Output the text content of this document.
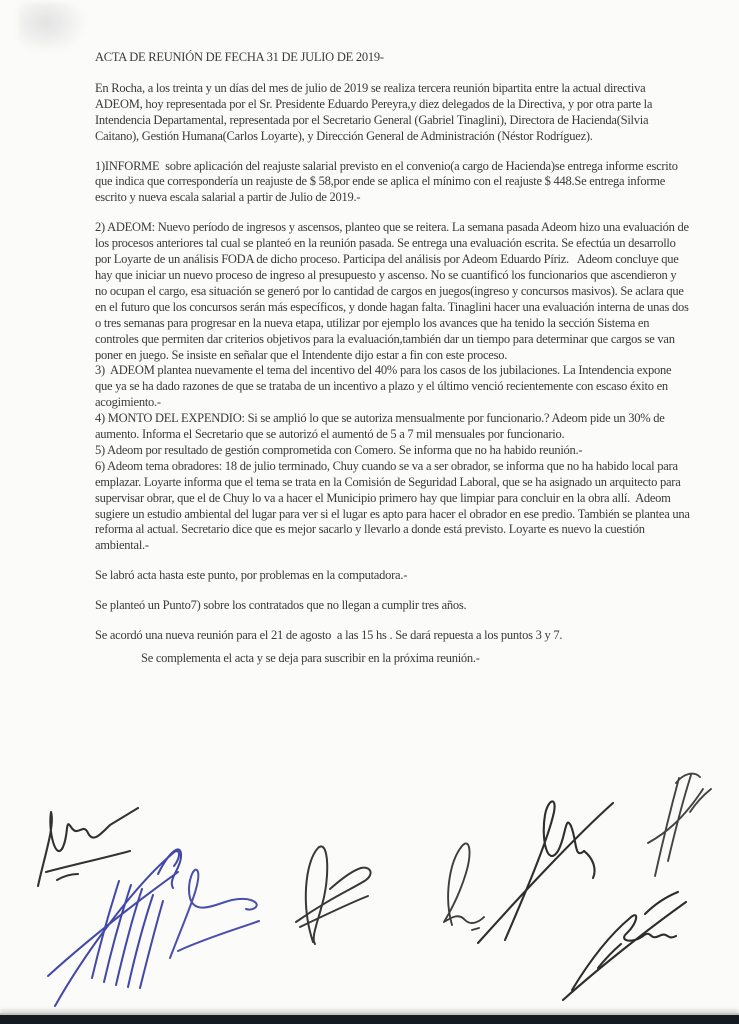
ACTA DE REUNIÓN DE FECHA 31 DE JULIO DE 2019-

En Rocha, a los treinta y un días del mes de julio de 2019 se realiza tercera reunión bipartita entre la actual directiva ADEOM, hoy representada por el Sr. Presidente Eduardo Pereyra,y diez delegados de la Directiva, y por otra parte la Intendencia Departamental, representada por el Secretario General (Gabriel Tinaglini), Directora de Hacienda(Silvia Caitano), Gestión Humana(Carlos Loyarte), y Dirección General de Administración (Néstor Rodríguez).

1)INFORME  sobre aplicación del reajuste salarial previsto en el convenio(a cargo de Hacienda)se entrega informe escrito  que indica que correspondería un reajuste de $ 58,por ende se aplica el mínimo con el reajuste $ 448.Se entrega informe escrito y nueva escala salarial a partir de Julio de 2019.-

2) ADEOM: Nuevo período de ingresos y ascensos, planteo que se reitera. La semana pasada Adeom hizo una evaluación de los procesos anteriores tal cual se planteó en la reunión pasada. Se entrega una evaluación escrita. Se efectúa un desarrollo por Loyarte de un análisis FODA de dicho proceso. Participa del análisis por Adeom Eduardo Píriz.   Adeom concluye que hay que iniciar un nuevo proceso de ingreso al presupuesto y ascenso. No se cuantificó los funcionarios que ascendieron y no ocupan el cargo, esa situación se generó por lo cantidad de cargos en juegos(ingreso y concursos masivos). Se aclara que en el futuro que los concursos serán más específicos, y donde hagan falta. Tinaglini hacer una evaluación interna de unas dos o tres semanas para progresar en la nueva etapa, utilizar por ejemplo los avances que ha tenido la sección Sistema en controles que permiten dar criterios objetivos para la evaluación,también dar un tiempo para determinar que cargos se van poner en juego. Se insiste en señalar que el Intendente dijo estar a fin con este proceso.

3)  ADEOM plantea nuevamente el tema del incentivo del 40% para los casos de los jubilaciones. La Intendencia expone que ya se ha dado razones de que se trataba de un incentivo a plazo y el último venció recientemente con escaso éxito en acogimiento.-

4) MONTO DEL EXPENDIO: Si se amplió lo que se autoriza mensualmente por funcionario.? Adeom pide un 30% de aumento. Informa el Secretario que se autorizó el aumentó de 5 a 7 mil mensuales por funcionario.

5) Adeom por resultado de gestión comprometida con Comero. Se informa que no ha habido reunión.-

6) Adeom tema obradores: 18 de julio terminado, Chuy cuando se va a ser obrador, se informa que no ha habido local para emplazar. Loyarte informa que el tema se trata en la Comisión de Seguridad Laboral, que se ha asignado un arquitecto para supervisar obrar, que el de Chuy lo va a hacer el Municipio primero hay que limpiar para concluir en la obra allí.  Adeom sugiere un estudio ambiental del lugar para ver si el lugar es apto para hacer el obrador en ese predio. También se plantea una reforma al actual. Secretario dice que es mejor sacarlo y llevarlo a donde está previsto. Loyarte es nuevo la cuestión ambiental.-

Se labró acta hasta este punto, por problemas en la computadora.-

Se planteó un Punto7) sobre los contratados que no llegan a cumplir tres años.

Se acordó una nueva reunión para el 21 de agosto  a las 15 hs . Se dará repuesta a los puntos 3 y 7.

Se complementa el acta y se deja para suscribir en la próxima reunión.-
